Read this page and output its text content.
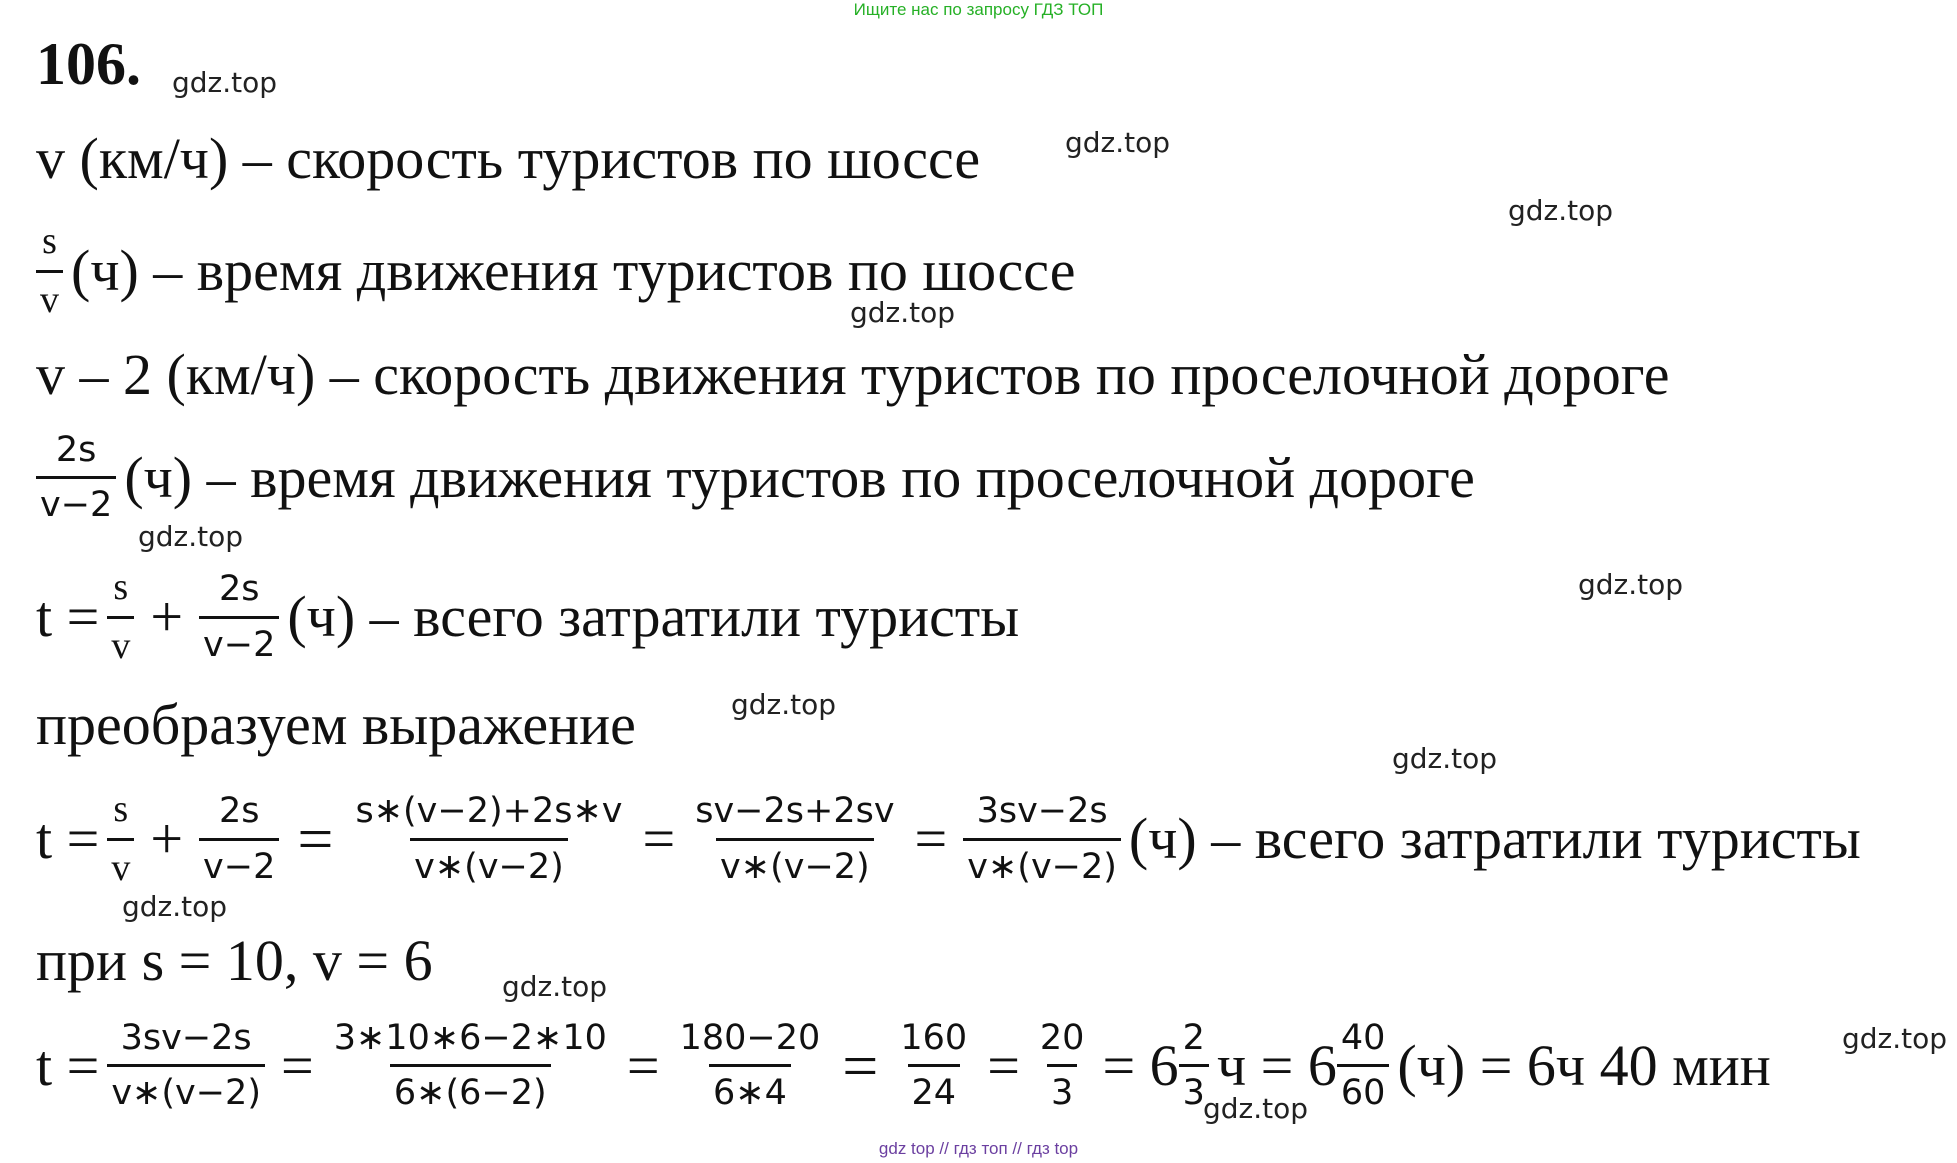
Ищите нас по запросу ГДЗ ТОП
106. gdz.top
gdz.top
gdz.top
gdz.top
gdz.top
gdz.top
gdz.top
gdz.top
gdz.top
gdz.top
gdz.top
gdz.top
v (км/ч) – скорость туристов по шоссе
$\frac{s}{v} (ч)$ – время движения туристов по шоссе
v – 2 (км/ч) – скорость движения туристов по проселочной дороге
$\frac{2s}{v-2} (ч)$ – время движения туристов по проселочной дороге
$t = \frac{s}{v} + \frac{2s}{v-2} (ч)$ – всего затратили туристы
преобразуем выражение
$t = \frac{s}{v} + \frac{2s}{v-2} = \frac{s∗(v-2)+2s∗v}{v∗(v-2)} = \frac{sv-2s+2sv}{v∗(v-2)} = \frac{3sv-2s}{v∗(v-2)} (ч)$ – всего затратили туристы
при s = 10, v = 6
$t = \frac{3sv-2s}{v∗(v-2)} = \frac{3∗10∗6-2∗10}{6∗(6-2)} = \frac{180-20}{6∗4} = \frac{160}{24} = \frac{20}{3} = 6 \frac{2}{3}$ $ч = 6 \frac{40}{60} (ч) = 6ч$ 40 мин
gdz top // гдз топ // гдз top
